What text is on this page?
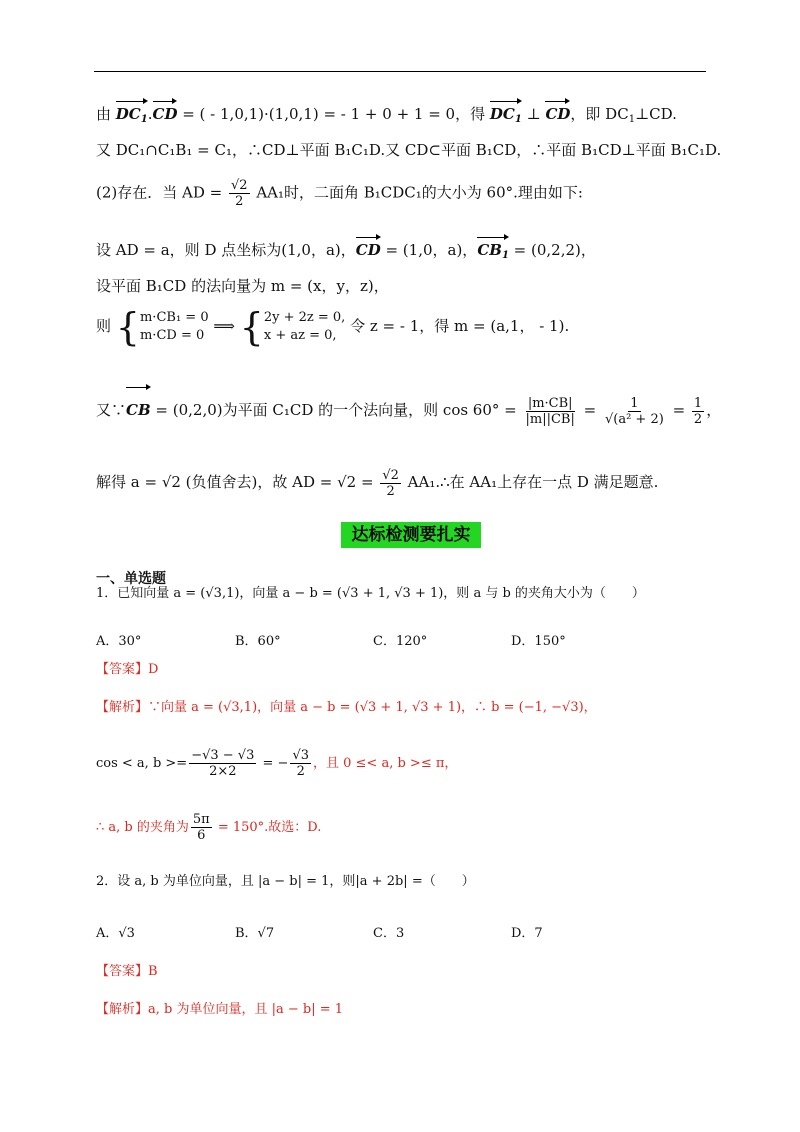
由 $DC_1.CD$ = ( - 1,0,1)·(1,0,1) = - 1 + 0 + 1 = 0，得 $DC_1$ ⊥ CD，即 $DC_1\perp CD$.
又 DC₁∩C₁B₁ = C₁，∴CD⊥平面 B₁C₁D.又 CD⊂平面 B₁CD，∴平面 B₁CD⊥平面 B₁C₁D.
(2)存在．当 AD = $\frac{√2}{2} AA_1$时，二面角 B₁CDC₁的大小为 60°.理由如下:
设 AD = a，则 D 点坐标为(1,0，a)，CD = (1,0，a)，$CB_1 = (0,2,2)$，
设平面 B₁CD 的法向量为 m = (x，y，z)，
则 {m·CB₁ = 0
m·CD = 0 ⟹ {2y + 2z = 0,
x + az = 0, 令 z = - 1，得 m = (a,1， - 1).
又∵CB = (0,2,0)为平面 C₁CD 的一个法向量，则 $\cos 60^\circ = \frac{|m\cdot CB|}{|m||CB|} = \frac{1}{\text{√(a² + 2)}} = \frac{1}{2}$ ，
解得 a = √2 (负值舍去)，故 AD = $√2 = \frac{√2}{2}$ AA₁.∴在 AA₁上存在一点 D 满足题意.
达标检测要扎实
一、单选题
1．已知向量 a = (√3,1)，向量 a − b = (√3 + 1, √3 + 1)，则 a 与 b 的夹角大小为（　　）
A．30°	B．60°	C．120°	D．150°
【答案】D
【解析】∵向量 a = (√3,1)，向量 a − b = (√3 + 1, √3 + 1)，∴ b = (−1, −√3)，
cos < a, $b >= \frac{-√3 - √3}{2\times 2}$ = − $\frac{√3}{2}$ ，且 0 ≤< a, b >≤ π，
∴ a, b 的夹角为 $\frac{5\pi}{6} = 150^\circ$.故选：D.
2．设 a, b 为单位向量，且 |a − b| = 1，则|a + 2b| =（　　）
A．√3	B．√7	C．3	D．7
【答案】B
【解析】a, b 为单位向量，且 |a − b| = 1
